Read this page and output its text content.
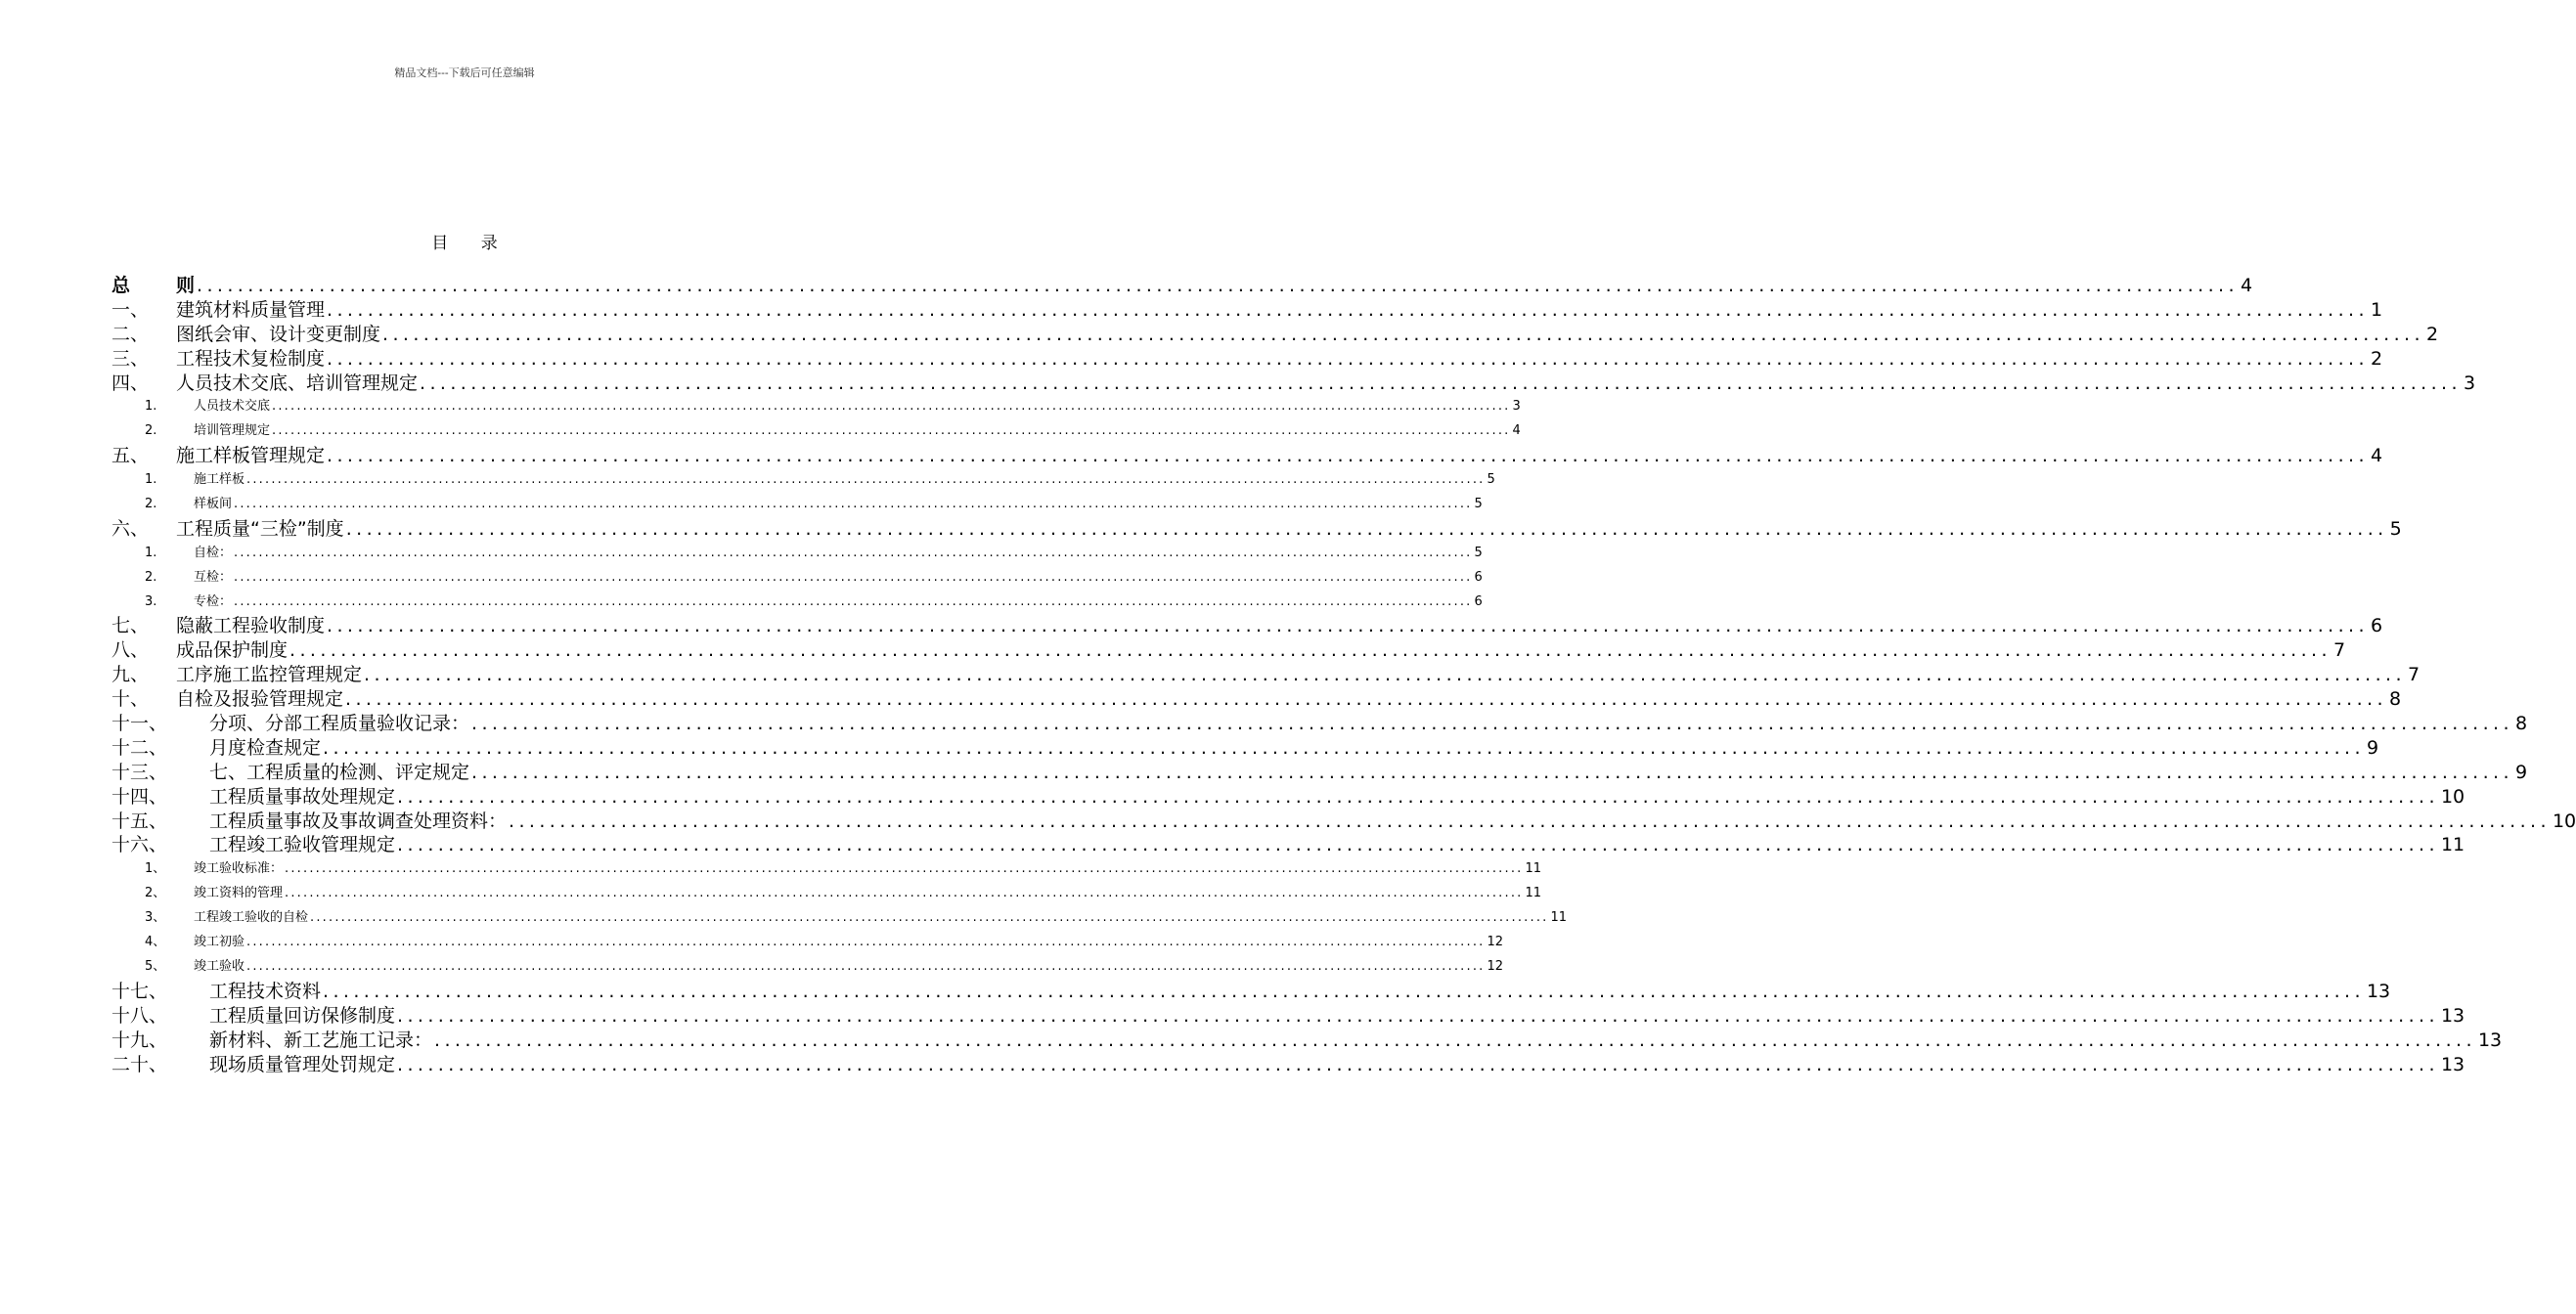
精品文档---下载后可任意编辑
目 录
总	则 ........................................................................................................................................................................................................ 4
一、	建筑材料质量管理 ........................................................................................................................................................................................................ 1
二、	图纸会审、设计变更制度 ........................................................................................................................................................................................................ 2
三、	工程技术复检制度 ........................................................................................................................................................................................................ 2
四、	人员技术交底、培训管理规定 ........................................................................................................................................................................................................ 3
1.	人员技术交底 ........................................................................................................................................................................................................ 3
2.	培训管理规定 ........................................................................................................................................................................................................ 4
五、	施工样板管理规定 ........................................................................................................................................................................................................ 4
1.	施工样板 ........................................................................................................................................................................................................ 5
2.	样板间 ........................................................................................................................................................................................................ 5
六、	工程质量“三检”制度 ........................................................................................................................................................................................................ 5
1.	自检： ........................................................................................................................................................................................................ 5
2.	互检： ........................................................................................................................................................................................................ 6
3.	专检： ........................................................................................................................................................................................................ 6
七、	隐蔽工程验收制度 ........................................................................................................................................................................................................ 6
八、	成品保护制度 ........................................................................................................................................................................................................ 7
九、	工序施工监控管理规定 ........................................................................................................................................................................................................ 7
十、	自检及报验管理规定 ........................................................................................................................................................................................................ 8
十一、	分项、分部工程质量验收记录： ........................................................................................................................................................................................................ 8
十二、	月度检查规定 ........................................................................................................................................................................................................ 9
十三、	七、工程质量的检测、评定规定 ........................................................................................................................................................................................................ 9
十四、	工程质量事故处理规定 ........................................................................................................................................................................................................ 10
十五、	工程质量事故及事故调查处理资料： ........................................................................................................................................................................................................ 10
十六、	工程竣工验收管理规定 ........................................................................................................................................................................................................ 11
1、	竣工验收标准： ........................................................................................................................................................................................................ 11
2、	竣工资料的管理 ........................................................................................................................................................................................................ 11
3、	工程竣工验收的自检 ........................................................................................................................................................................................................ 11
4、	竣工初验 ........................................................................................................................................................................................................ 12
5、	竣工验收 ........................................................................................................................................................................................................ 12
十七、	工程技术资料 ........................................................................................................................................................................................................ 13
十八、	工程质量回访保修制度 ........................................................................................................................................................................................................ 13
十九、	新材料、新工艺施工记录： ........................................................................................................................................................................................................ 13
二十、	现场质量管理处罚规定 ........................................................................................................................................................................................................ 13
